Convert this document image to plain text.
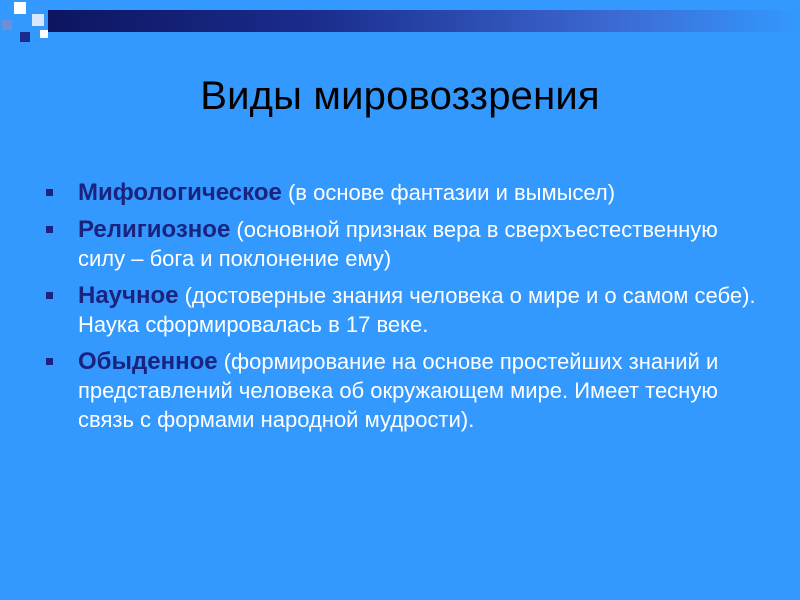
Виды мировоззрения
Мифологическое (в основе фантазии и вымысел)
Религиозное (основной признак вера в сверхъестественную силу – бога и поклонение ему)
Научное (достоверные знания человека о мире и о самом себе). Наука сформировалась в 17 веке.
Обыденное (формирование на основе простейших знаний и представлений человека об окружающем мире. Имеет тесную связь с формами народной мудрости).
